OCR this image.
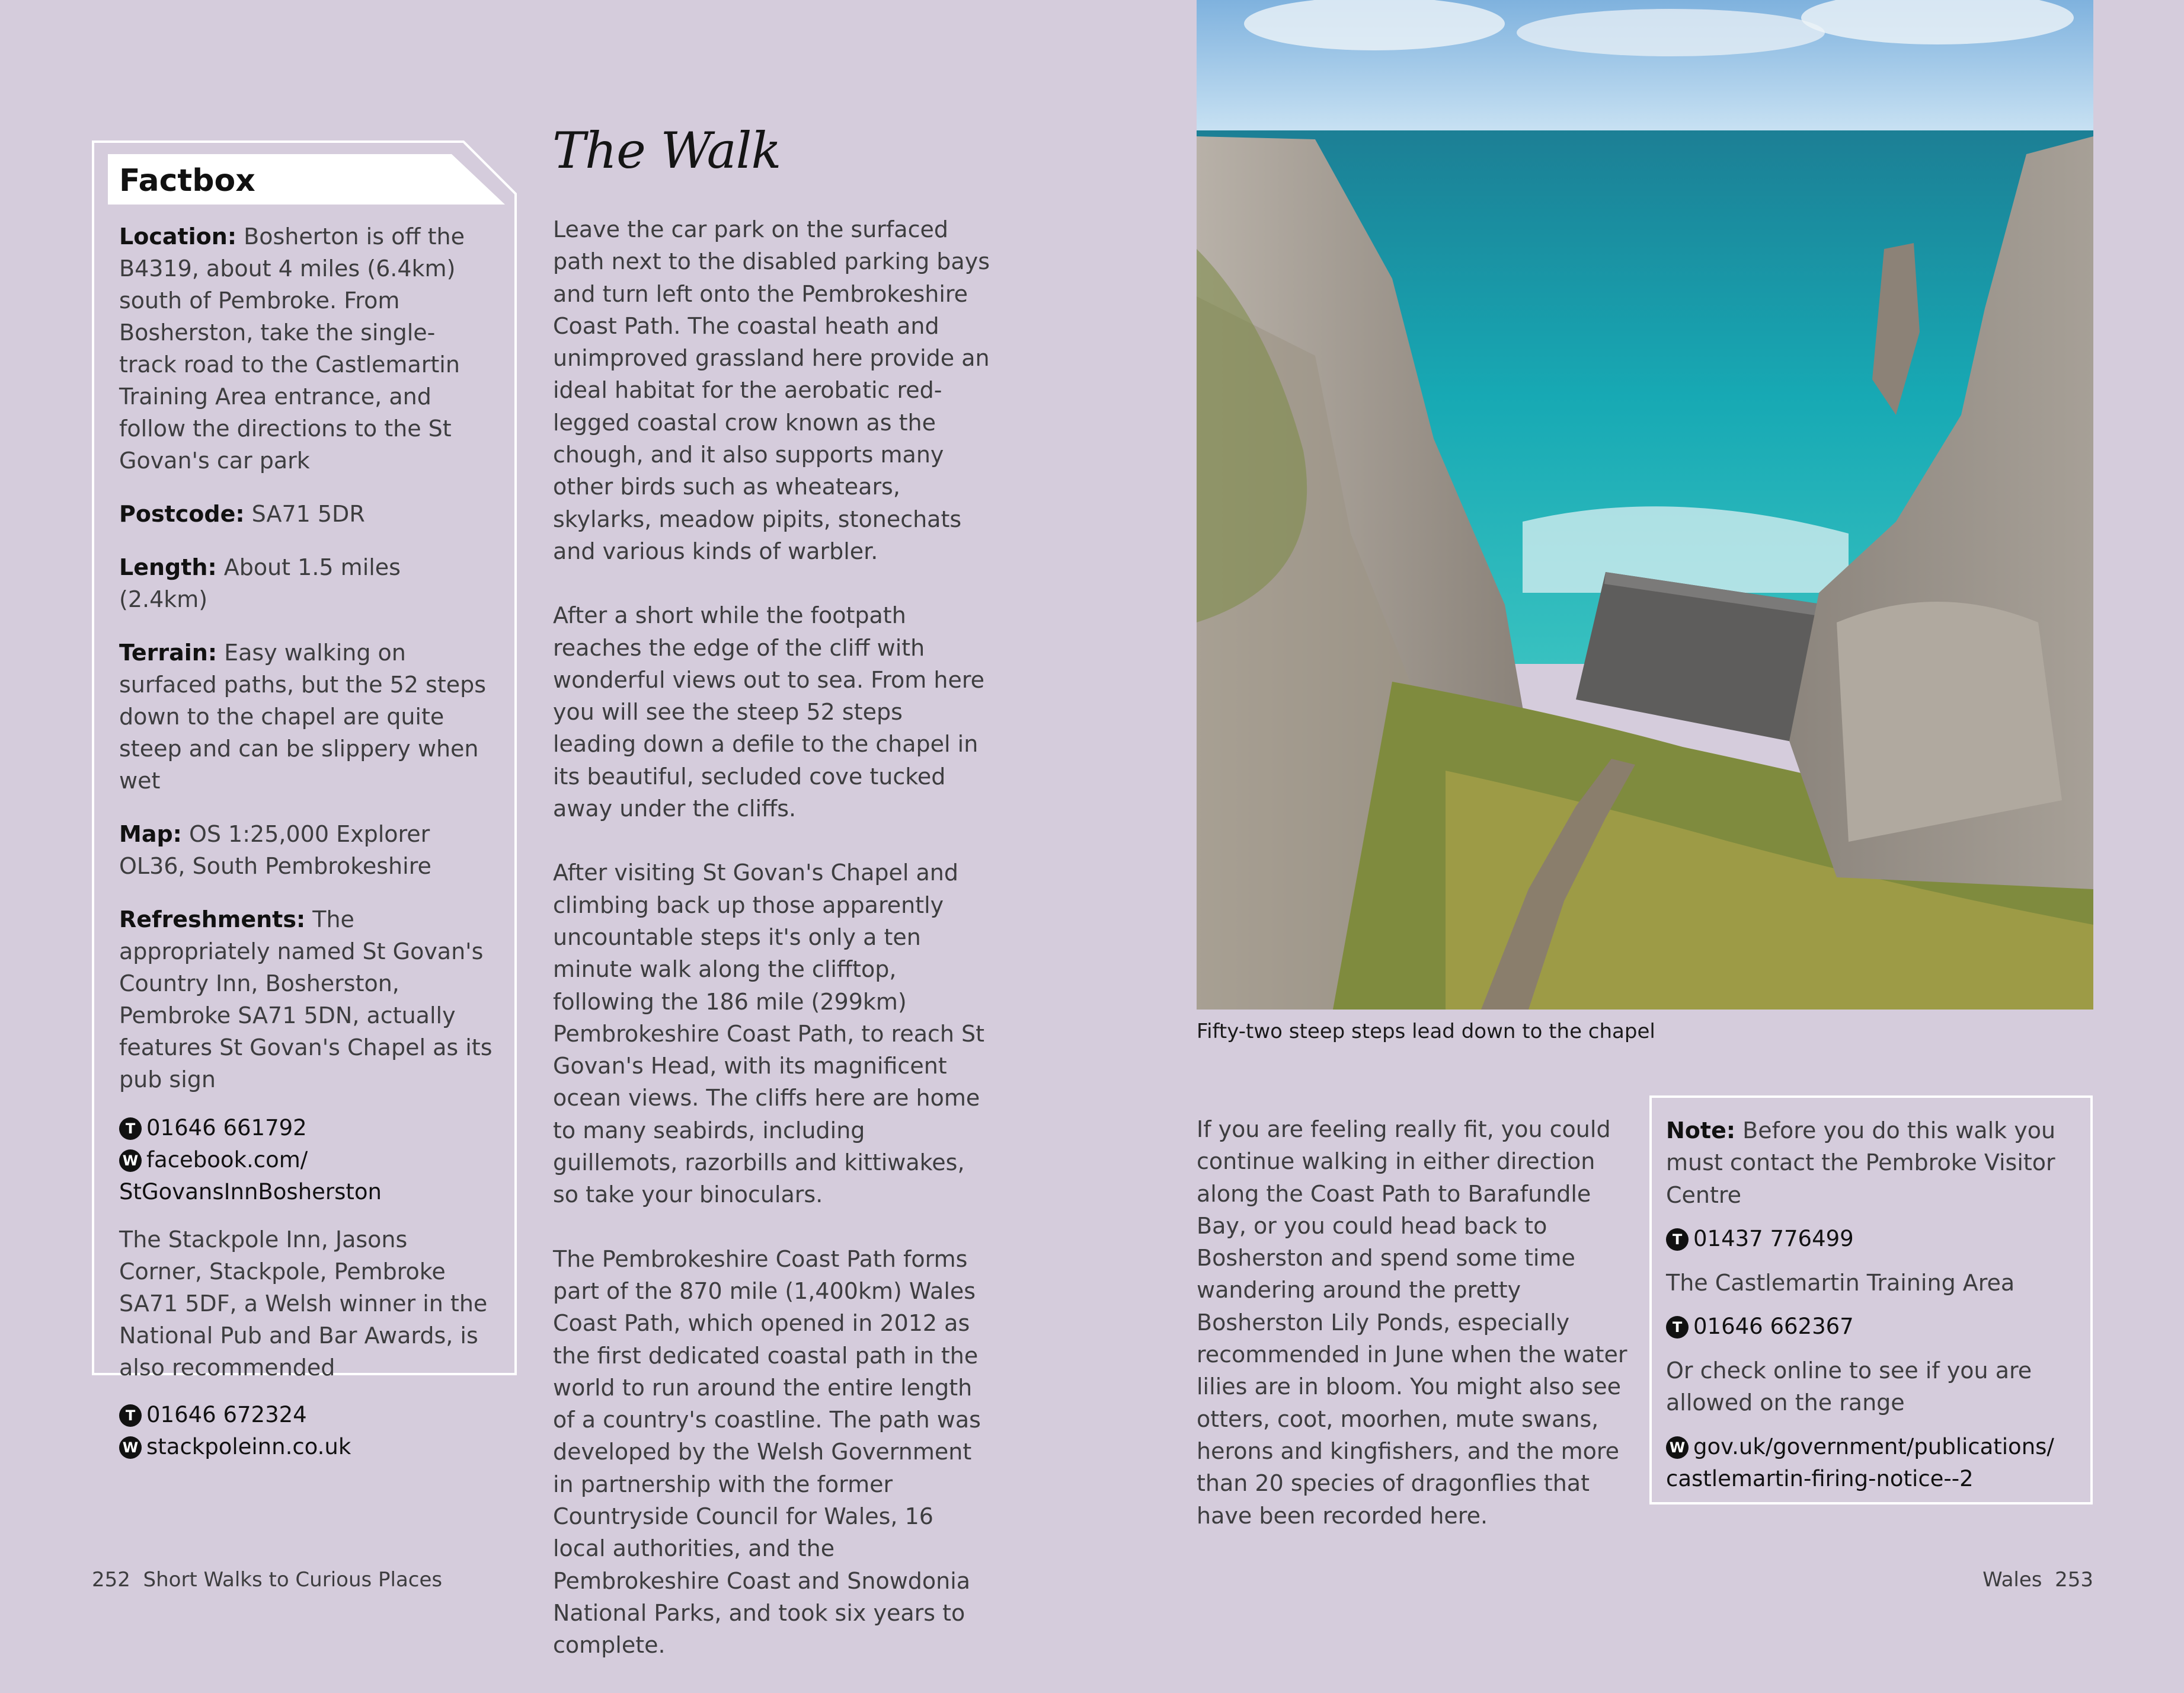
Factbox

Location: Bosherton is off the B4319, about 4 miles (6.4km) south of Pembroke. From Bosherston, take the single-track road to the Castlemartin Training Area entrance, and follow the directions to the St Govan's car park

Postcode: SA71 5DR

Length: About 1.5 miles (2.4km)

Terrain: Easy walking on surfaced paths, but the 52 steps down to the chapel are quite steep and can be slippery when wet

Map: OS 1:25,000 Explorer OL36, South Pembrokeshire

Refreshments: The appropriately named St Govan's Country Inn, Bosherston, Pembroke SA71 5DN, actually features St Govan's Chapel as its pub sign

T 01646 661792
W facebook.com/
StGovansInnBosherston

The Stackpole Inn, Jasons Corner, Stackpole, Pembroke SA71 5DF, a Welsh winner in the National Pub and Bar Awards, is also recommended

T 01646 672324
W stackpoleinn.co.uk
The Walk

Leave the car park on the surfaced path next to the disabled parking bays and turn left onto the Pembrokeshire Coast Path. The coastal heath and unimproved grassland here provide an ideal habitat for the aerobatic red-legged coastal crow known as the chough, and it also supports many other birds such as wheatears, skylarks, meadow pipits, stonechats and various kinds of warbler.

After a short while the footpath reaches the edge of the cliff with wonderful views out to sea. From here you will see the steep 52 steps leading down a defile to the chapel in its beautiful, secluded cove tucked away under the cliffs.

After visiting St Govan's Chapel and climbing back up those apparently uncountable steps it's only a ten minute walk along the clifftop, following the 186 mile (299km) Pembrokeshire Coast Path, to reach St Govan's Head, with its magnificent ocean views. The cliffs here are home to many seabirds, including guillemots, razorbills and kittiwakes, so take your binoculars.

The Pembrokeshire Coast Path forms part of the 870 mile (1,400km) Wales Coast Path, which opened in 2012 as the first dedicated coastal path in the world to run around the entire length of a country's coastline. The path was developed by the Welsh Government in partnership with the former Countryside Council for Wales, 16 local authorities, and the Pembrokeshire Coast and Snowdonia National Parks, and took six years to complete.

Fifty-two steep steps lead down to the chapel
If you are feeling really fit, you could continue walking in either direction along the Coast Path to Barafundle Bay, or you could head back to Bosherston and spend some time wandering around the pretty Bosherston Lily Ponds, especially recommended in June when the water lilies are in bloom. You might also see otters, coot, moorhen, mute swans, herons and kingfishers, and the more than 20 species of dragonflies that have been recorded here.

Note: Before you do this walk you must contact the Pembroke Visitor Centre

T 01437 776499

The Castlemartin Training Area

T 01646 662367

Or check online to see if you are allowed on the range

W gov.uk/government/publications/
castlemartin-firing-notice--2
252  Short Walks to Curious Places	Wales  253
